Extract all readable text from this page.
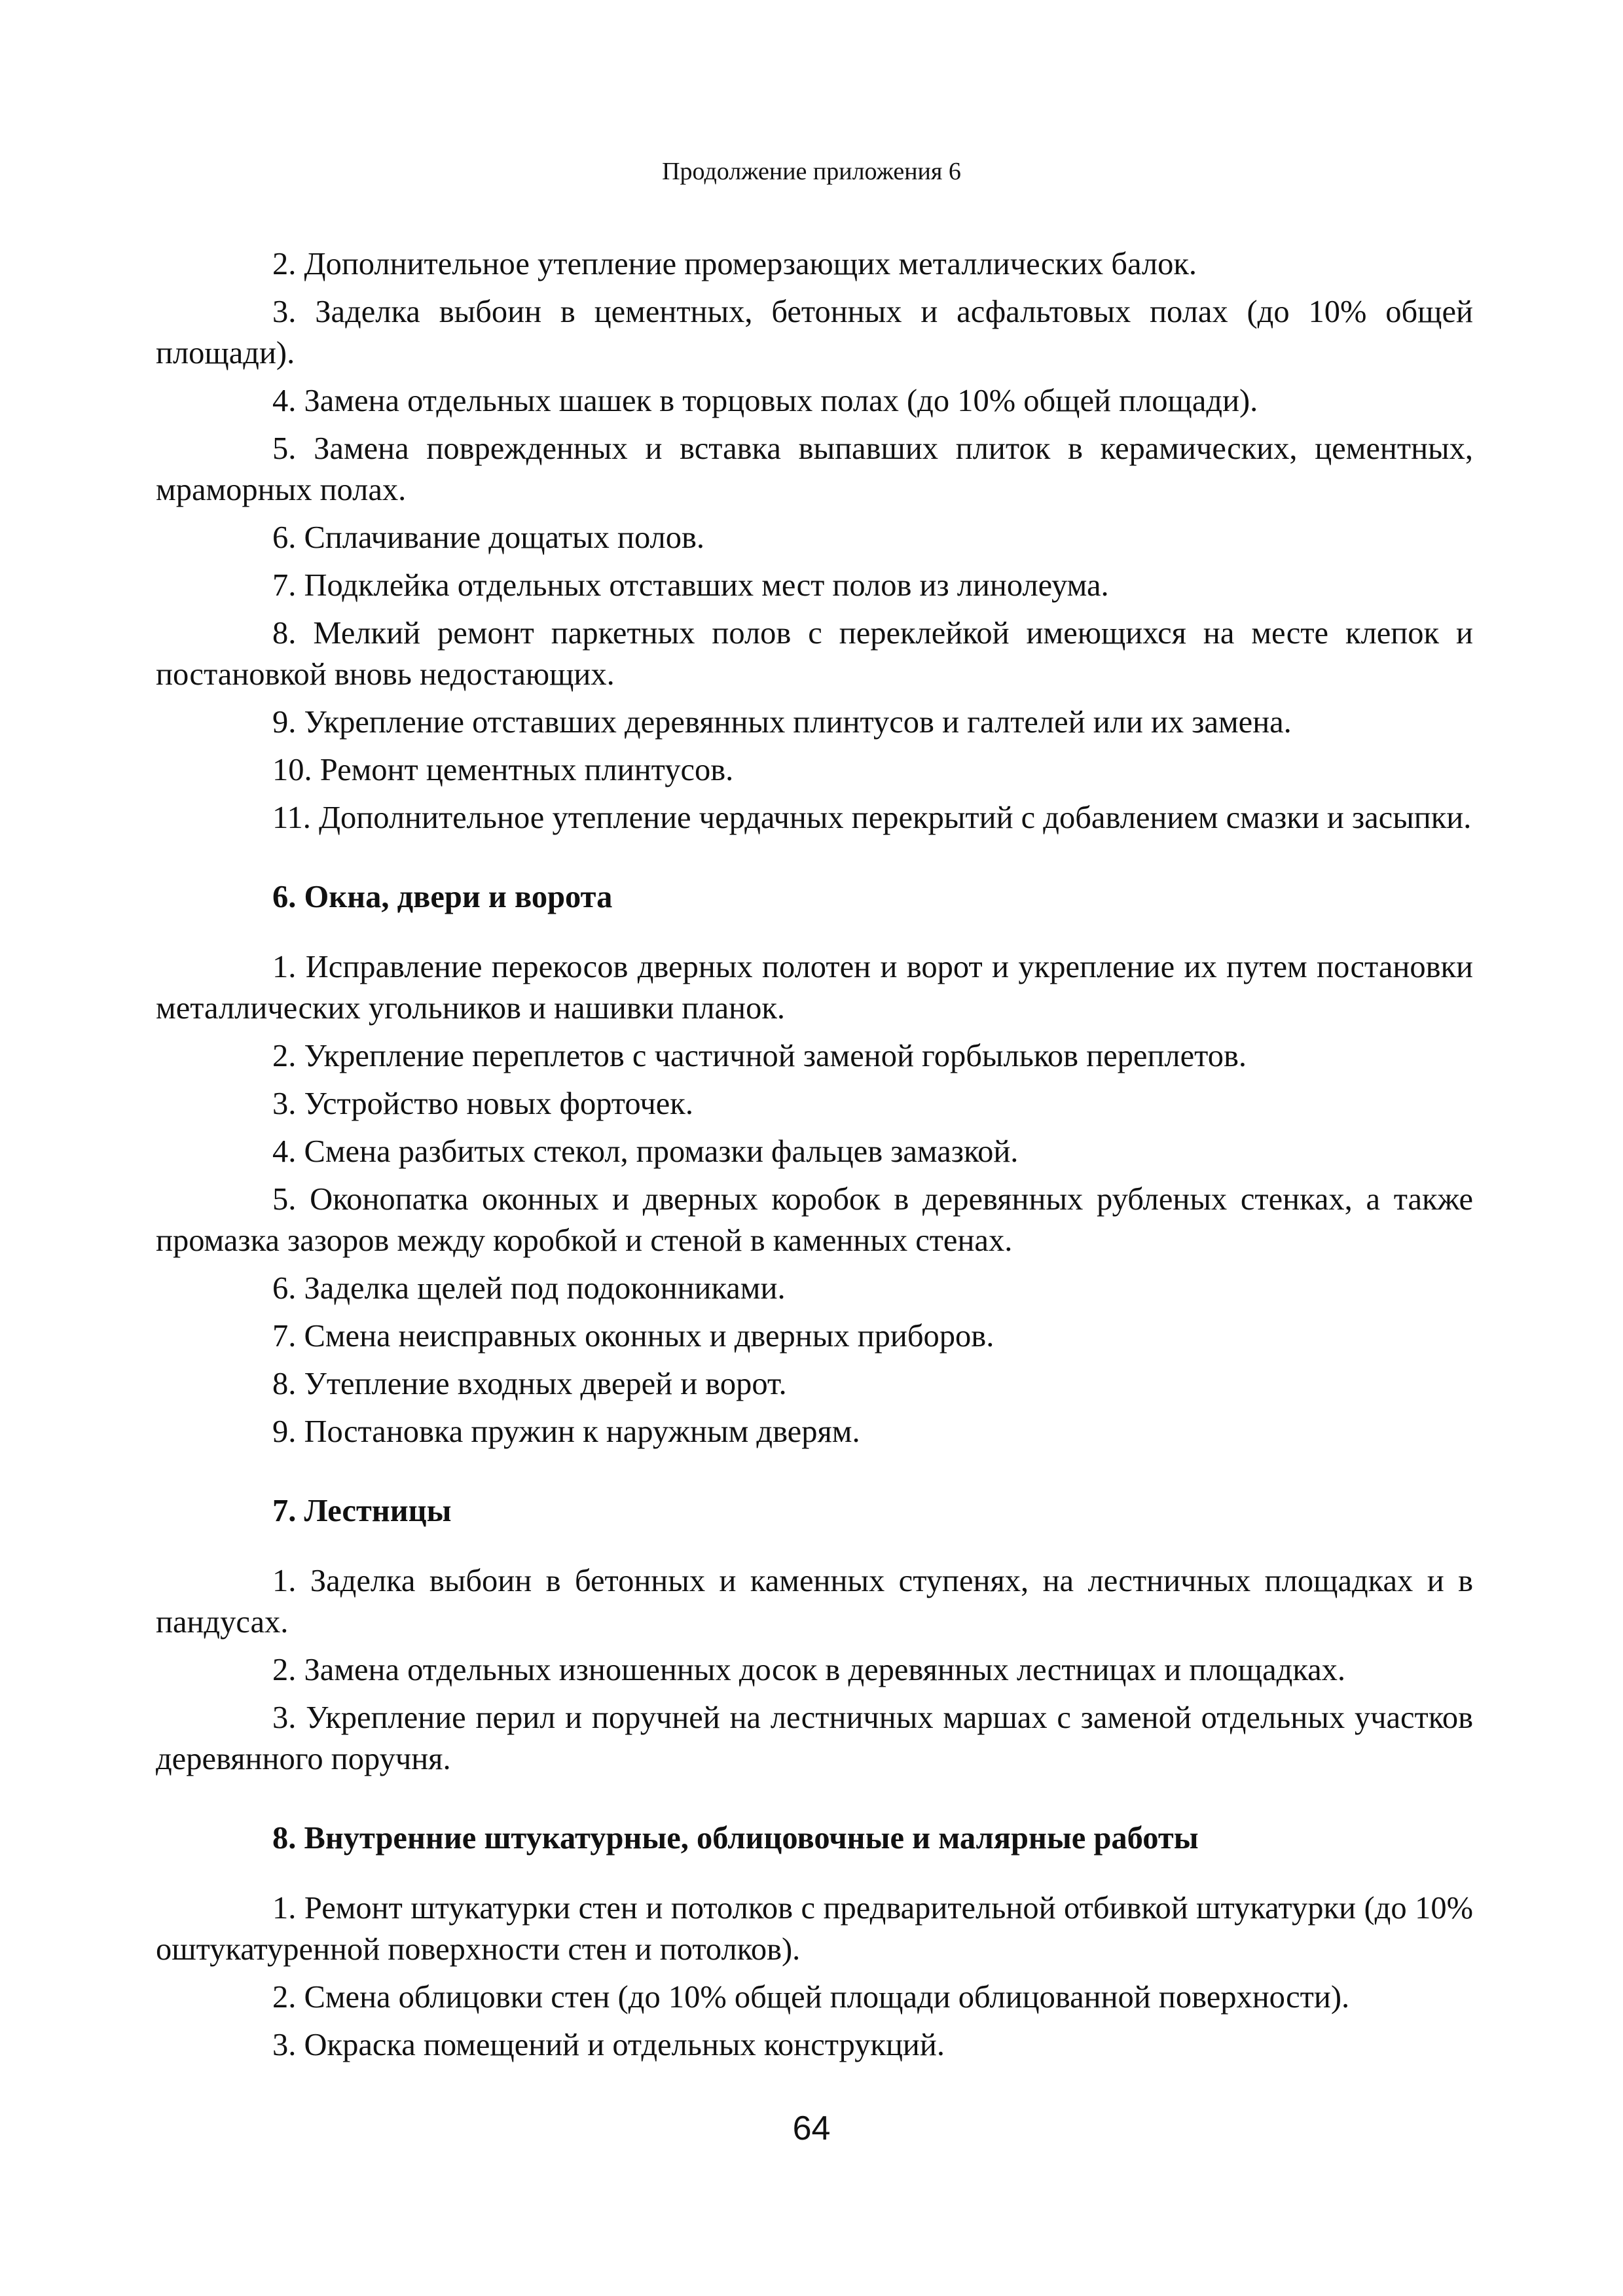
Продолжение приложения 6

2. Дополнительное утепление промерзающих металлических балок.

3. Заделка выбоин в цементных, бетонных и асфальтовых полах (до 10% общей площади).

4. Замена отдельных шашек в торцовых полах (до 10% общей площади).

5. Замена поврежденных и вставка выпавших плиток в керамических, цементных, мраморных полах.

6. Сплачивание дощатых полов.

7. Подклейка отдельных отставших мест полов из линолеума.

8. Мелкий ремонт паркетных полов с переклейкой имеющихся на месте клепок и постановкой вновь недостающих.

9. Укрепление отставших деревянных плинтусов и галтелей или их замена.

10. Ремонт цементных плинтусов.

11. Дополнительное утепление чердачных перекрытий с добавлением смазки и засыпки.

6. Окна, двери и ворота

1. Исправление перекосов дверных полотен и ворот и укрепление их путем постановки металлических угольников и нашивки планок.

2. Укрепление переплетов с частичной заменой горбыльков переплетов.

3. Устройство новых форточек.

4. Смена разбитых стекол, промазки фальцев замазкой.

5. Оконопатка оконных и дверных коробок в деревянных рубленых стенках, а также промазка зазоров между коробкой и стеной в каменных стенах.

6. Заделка щелей под подоконниками.

7. Смена неисправных оконных и дверных приборов.

8. Утепление входных дверей и ворот.

9. Постановка пружин к наружным дверям.

7. Лестницы

1. Заделка выбоин в бетонных и каменных ступенях, на лестничных площадках и в пандусах.

2. Замена отдельных изношенных досок в деревянных лестницах и площадках.

3. Укрепление перил и поручней на лестничных маршах с заменой отдельных участков деревянного поручня.

8. Внутренние штукатурные, облицовочные и малярные работы

1. Ремонт штукатурки стен и потолков с предварительной отбивкой штукатурки (до 10% оштукатуренной поверхности стен и потолков).

2. Смена облицовки стен (до 10% общей площади облицованной поверхности).

3. Окраска помещений и отдельных конструкций.

64
